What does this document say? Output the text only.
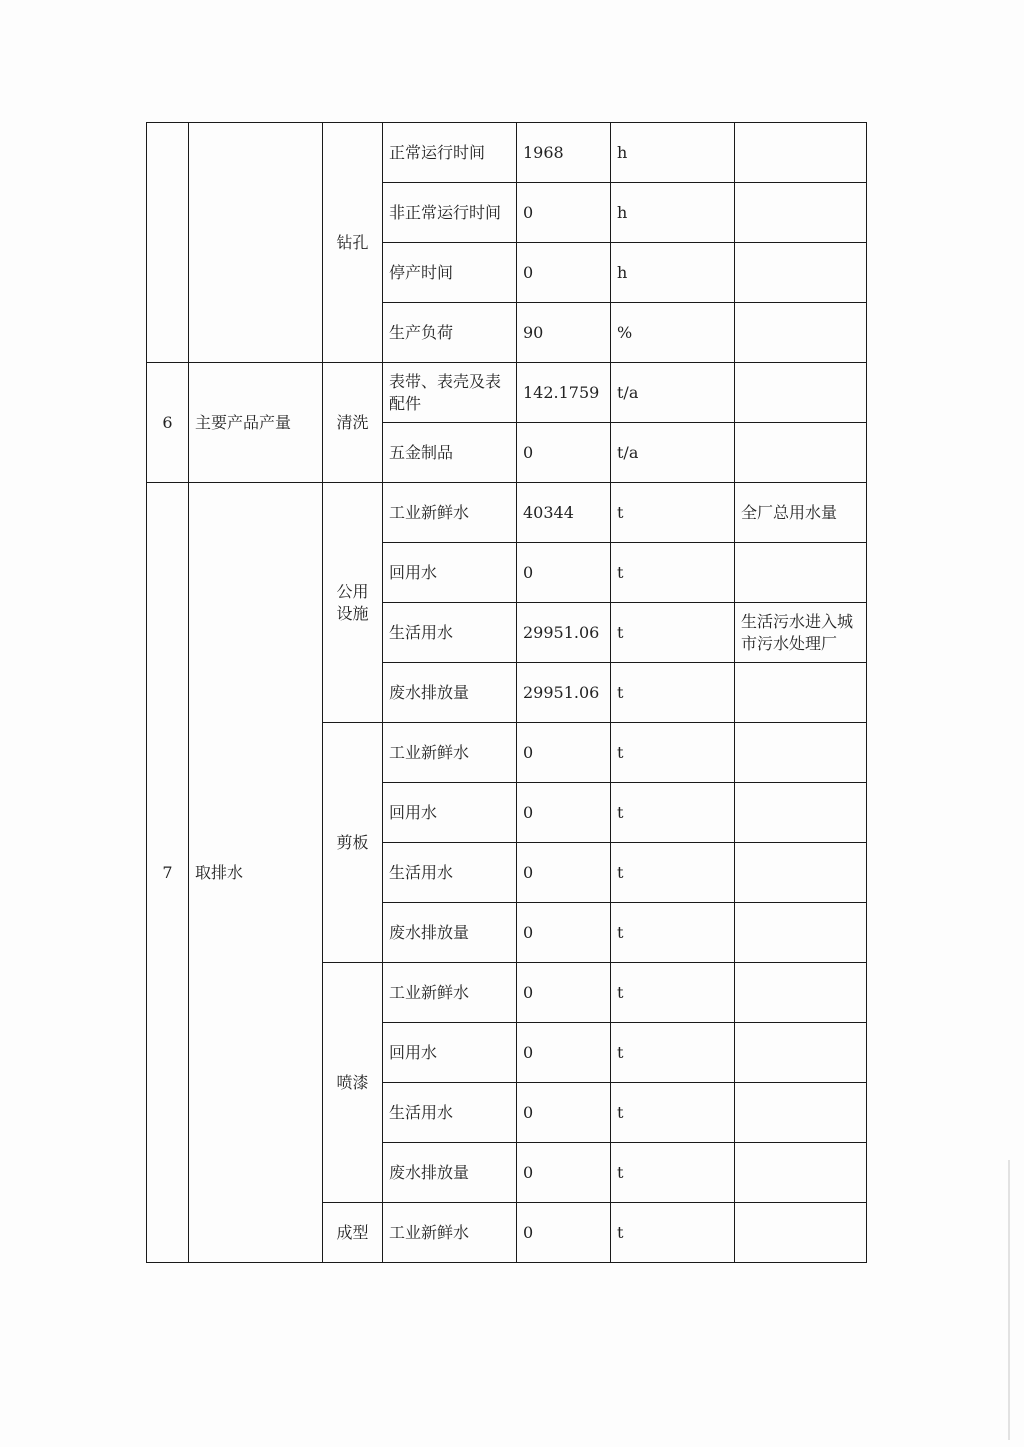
		钻孔	正常运行时间	1968	h	
			非正常运行时间	0	h	
			停产时间	0	h	
			生产负荷	90	%	
6	主要产品产量	清洗	表带、表壳及表配件	142.1759	t/a	
			五金制品	0	t/a	
7	取排水	公用设施	工业新鲜水	40344	t	全厂总用水量
			回用水	0	t	
			生活用水	29951.06	t	生活污水进入城市污水处理厂
			废水排放量	29951.06	t	
		剪板	工业新鲜水	0	t	
			回用水	0	t	
			生活用水	0	t	
			废水排放量	0	t	
		喷漆	工业新鲜水	0	t	
			回用水	0	t	
			生活用水	0	t	
			废水排放量	0	t	
		成型	工业新鲜水	0	t	
